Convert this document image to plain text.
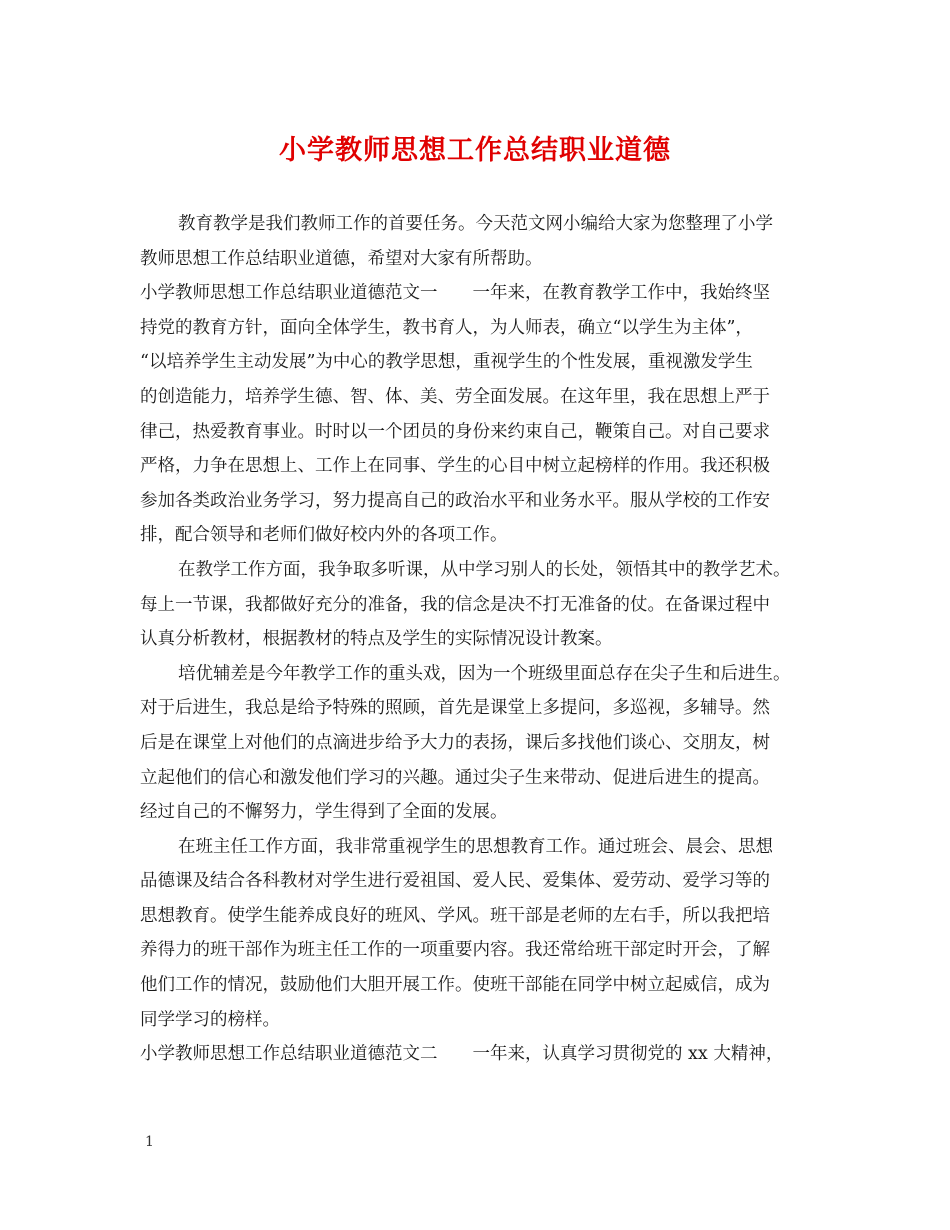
小学教师思想工作总结职业道德
教育教学是我们教师工作的首要任务。今天范文网小编给大家为您整理了小学
教师思想工作总结职业道德，希望对大家有所帮助。
小学教师思想工作总结职业道德范文一　　一年来，在教育教学工作中，我始终坚
持党的教育方针，面向全体学生，教书育人，为人师表，确立“以学生为主体”，
“以培养学生主动发展”为中心的教学思想，重视学生的个性发展，重视激发学生
的创造能力，培养学生德、智、体、美、劳全面发展。在这年里，我在思想上严于
律己，热爱教育事业。时时以一个团员的身份来约束自己，鞭策自己。对自己要求
严格，力争在思想上、工作上在同事、学生的心目中树立起榜样的作用。我还积极
参加各类政治业务学习，努力提高自己的政治水平和业务水平。服从学校的工作安
排，配合领导和老师们做好校内外的各项工作。
在教学工作方面，我争取多听课，从中学习别人的长处，领悟其中的教学艺术。
每上一节课，我都做好充分的准备，我的信念是决不打无准备的仗。在备课过程中
认真分析教材，根据教材的特点及学生的实际情况设计教案。
培优辅差是今年教学工作的重头戏，因为一个班级里面总存在尖子生和后进生。
对于后进生，我总是给予特殊的照顾，首先是课堂上多提问，多巡视，多辅导。然
后是在课堂上对他们的点滴进步给予大力的表扬，课后多找他们谈心、交朋友，树
立起他们的信心和激发他们学习的兴趣。通过尖子生来带动、促进后进生的提高。
经过自己的不懈努力，学生得到了全面的发展。
在班主任工作方面，我非常重视学生的思想教育工作。通过班会、晨会、思想
品德课及结合各科教材对学生进行爱祖国、爱人民、爱集体、爱劳动、爱学习等的
思想教育。使学生能养成良好的班风、学风。班干部是老师的左右手，所以我把培
养得力的班干部作为班主任工作的一项重要内容。我还常给班干部定时开会，了解
他们工作的情况，鼓励他们大胆开展工作。使班干部能在同学中树立起威信，成为
同学学习的榜样。
小学教师思想工作总结职业道德范文二　　一年来，认真学习贯彻党的 xx 大精神，
1
